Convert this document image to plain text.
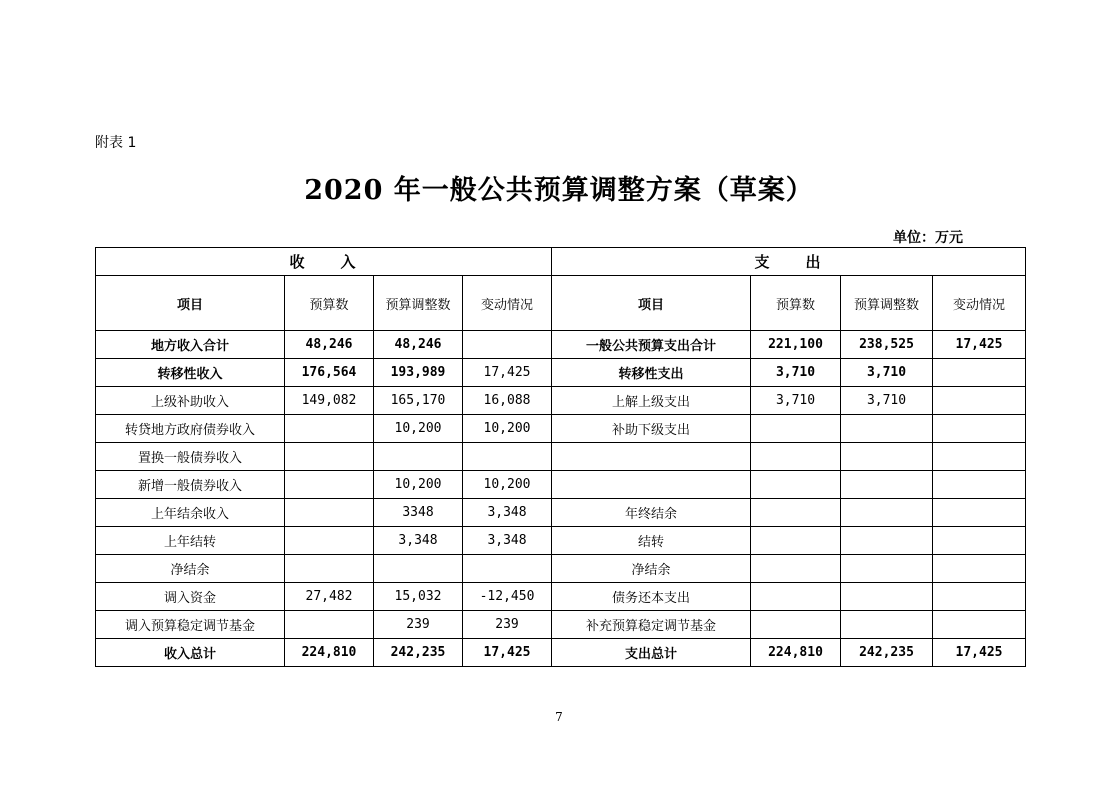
附表 1
2020 年一般公共预算调整方案（草案）
单位：万元
收　　入				支　　出			
项目	预算数	预算调整数	变动情况	项目	预算数	预算调整数	变动情况
地方收入合计	48,246	48,246		一般公共预算支出合计	221,100	238,525	17,425
转移性收入	176,564	193,989	17,425	转移性支出	3,710	3,710	
上级补助收入	149,082	165,170	16,088	上解上级支出	3,710	3,710	
转贷地方政府债券收入		10,200	10,200	补助下级支出			
置换一般债券收入							
新增一般债券收入		10,200	10,200				
上年结余收入		3348	3,348	年终结余			
上年结转		3,348	3,348	结转			
净结余				净结余			
调入资金	27,482	15,032	-12,450	债务还本支出			
调入预算稳定调节基金		239	239	补充预算稳定调节基金			
收入总计	224,810	242,235	17,425	支出总计	224,810	242,235	17,425
7
